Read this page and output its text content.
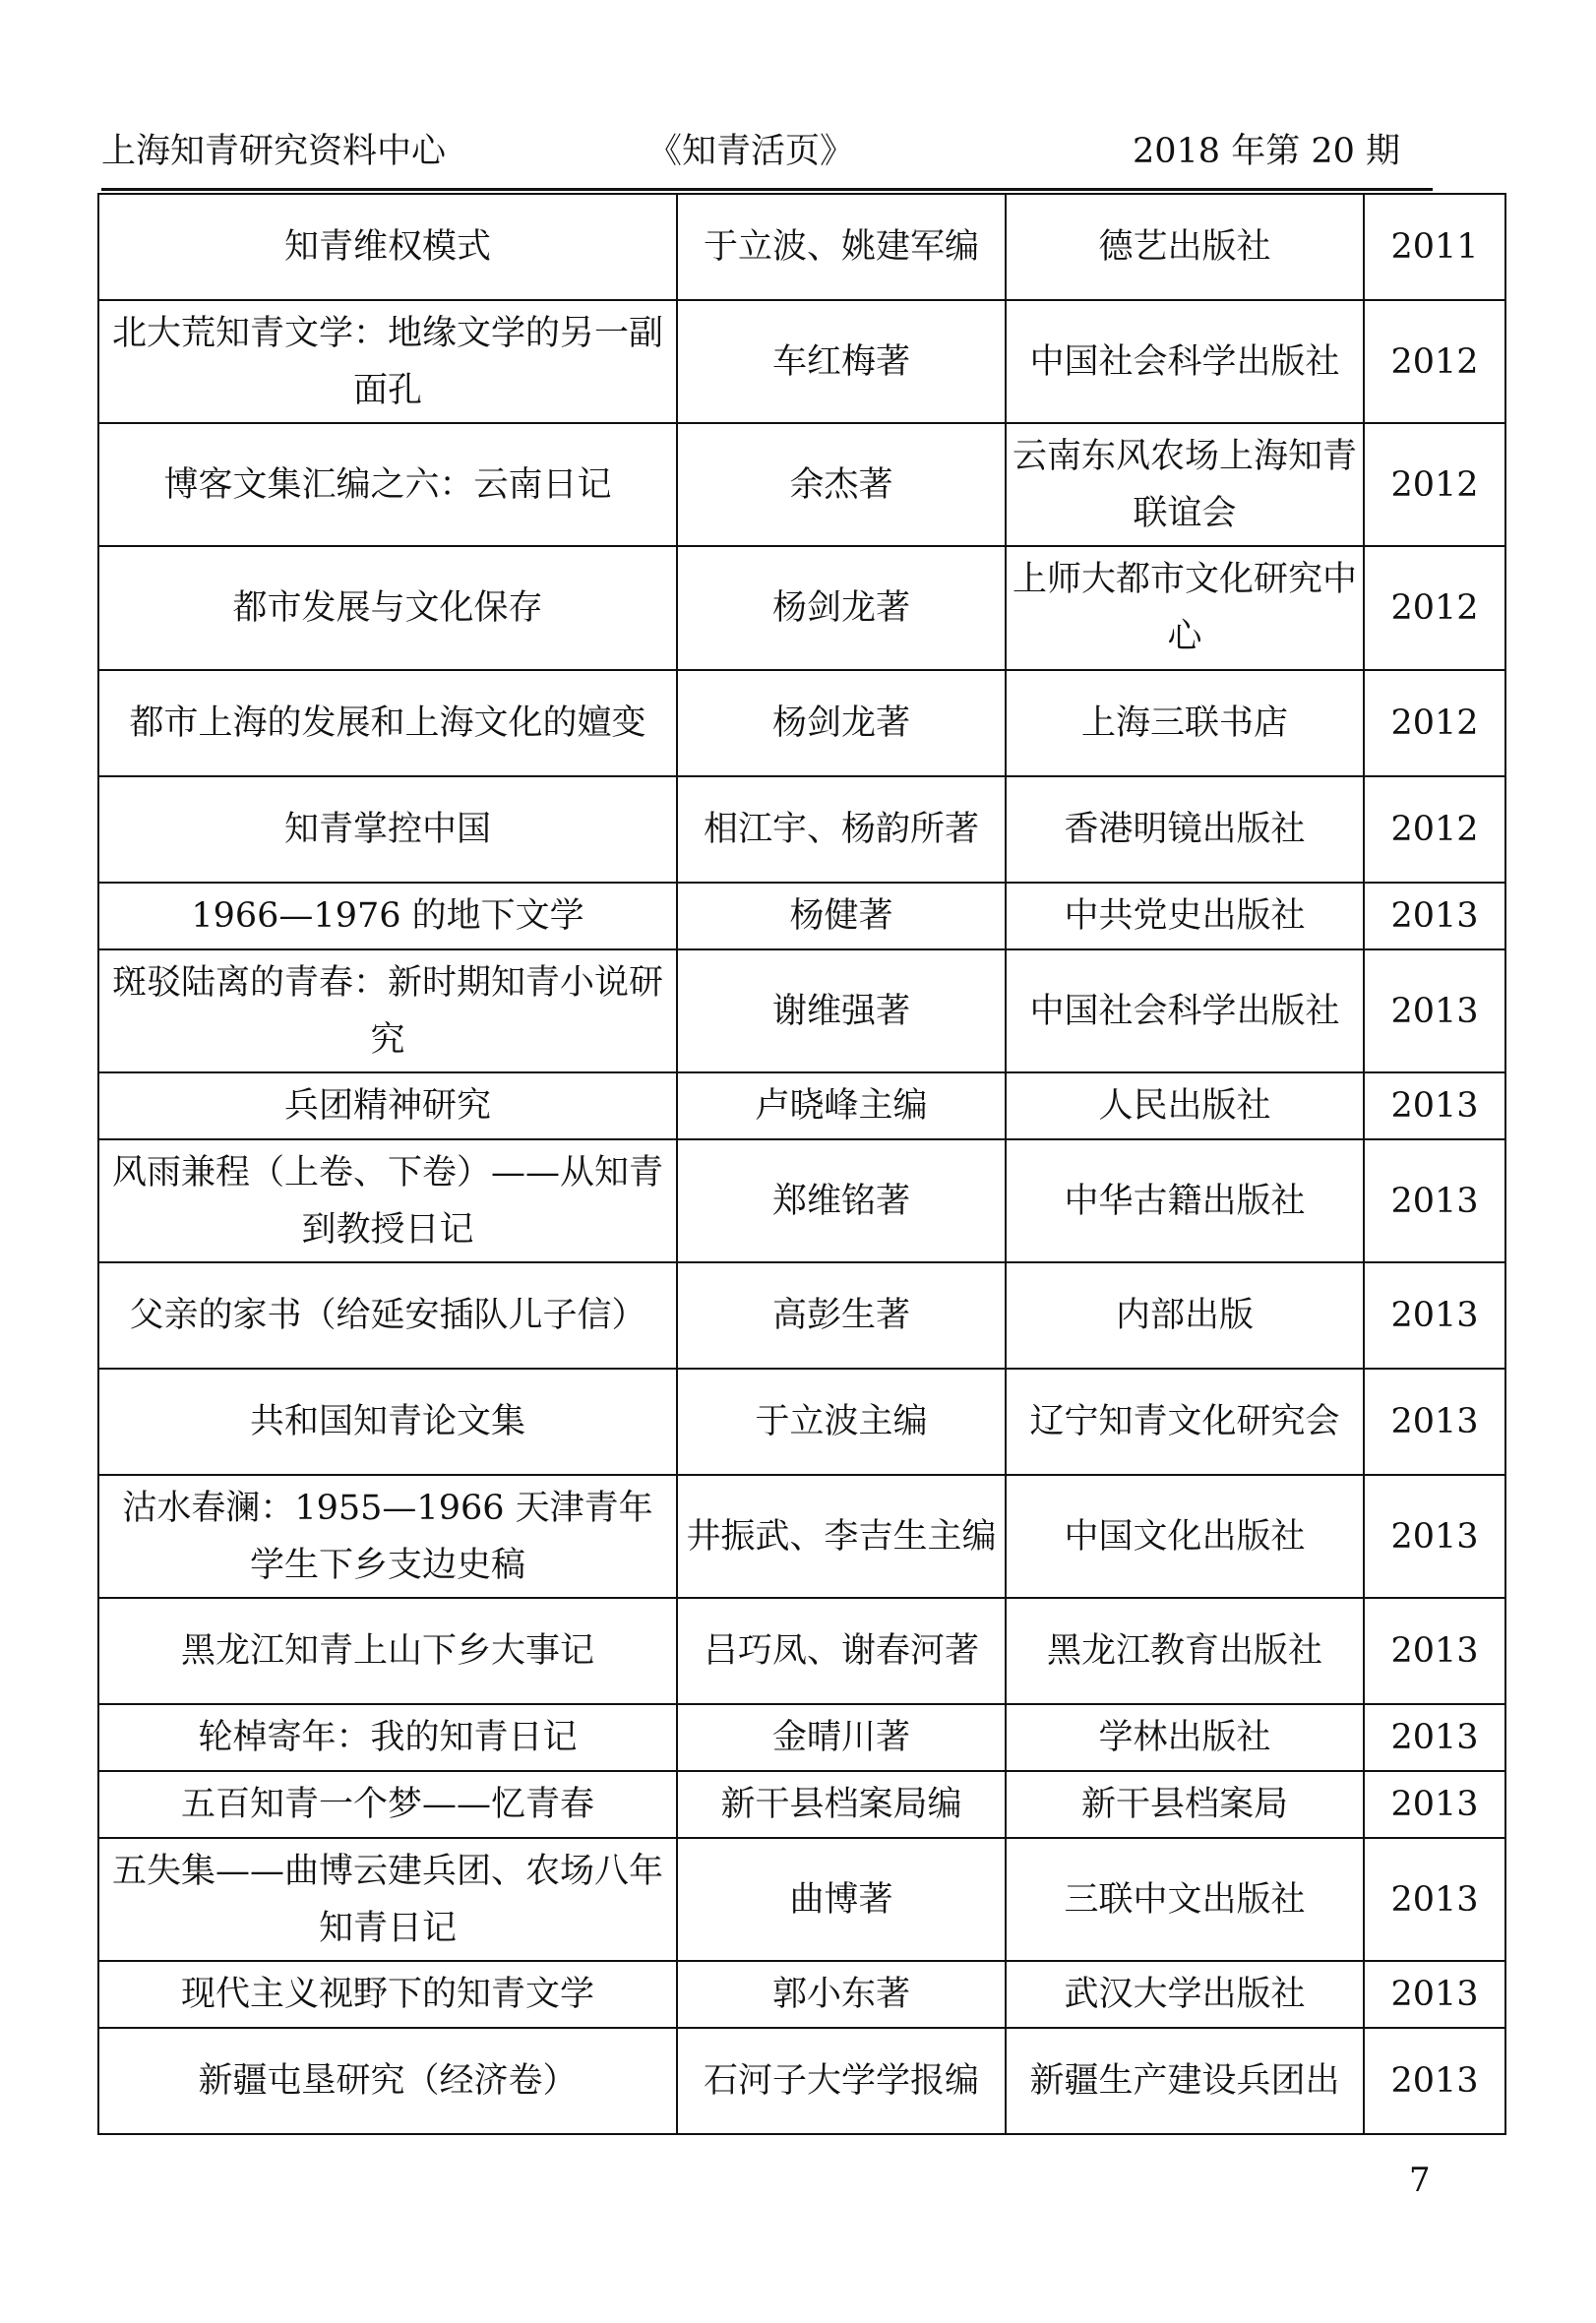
上海知青研究资料中心	《知青活页》	2018 年第 20 期
知青维权模式	于立波、姚建军编	德艺出版社	2011
北大荒知青文学：地缘文学的另一副面孔	车红梅著	中国社会科学出版社	2012
博客文集汇编之六：云南日记	余杰著	云南东风农场上海知青联谊会	2012
都市发展与文化保存	杨剑龙著	上师大都市文化研究中心	2012
都市上海的发展和上海文化的嬗变	杨剑龙著	上海三联书店	2012
知青掌控中国	相江宇、杨韵所著	香港明镜出版社	2012
1966—1976 的地下文学	杨健著	中共党史出版社	2013
斑驳陆离的青春：新时期知青小说研究	谢维强著	中国社会科学出版社	2013
兵团精神研究	卢晓峰主编	人民出版社	2013
风雨兼程（上卷、下卷）——从知青到教授日记	郑维铭著	中华古籍出版社	2013
父亲的家书（给延安插队儿子信）	高彭生著	内部出版	2013
共和国知青论文集	于立波主编	辽宁知青文化研究会	2013
沽水春澜：1955—1966 天津青年学生下乡支边史稿	井振武、李吉生主编	中国文化出版社	2013
黑龙江知青上山下乡大事记	吕巧凤、谢春河著	黑龙江教育出版社	2013
轮棹寄年：我的知青日记	金晴川著	学林出版社	2013
五百知青一个梦——忆青春	新干县档案局编	新干县档案局	2013
五失集——曲博云建兵团、农场八年知青日记	曲博著	三联中文出版社	2013
现代主义视野下的知青文学	郭小东著	武汉大学出版社	2013
新疆屯垦研究（经济卷）	石河子大学学报编	新疆生产建设兵团出	2013
7
